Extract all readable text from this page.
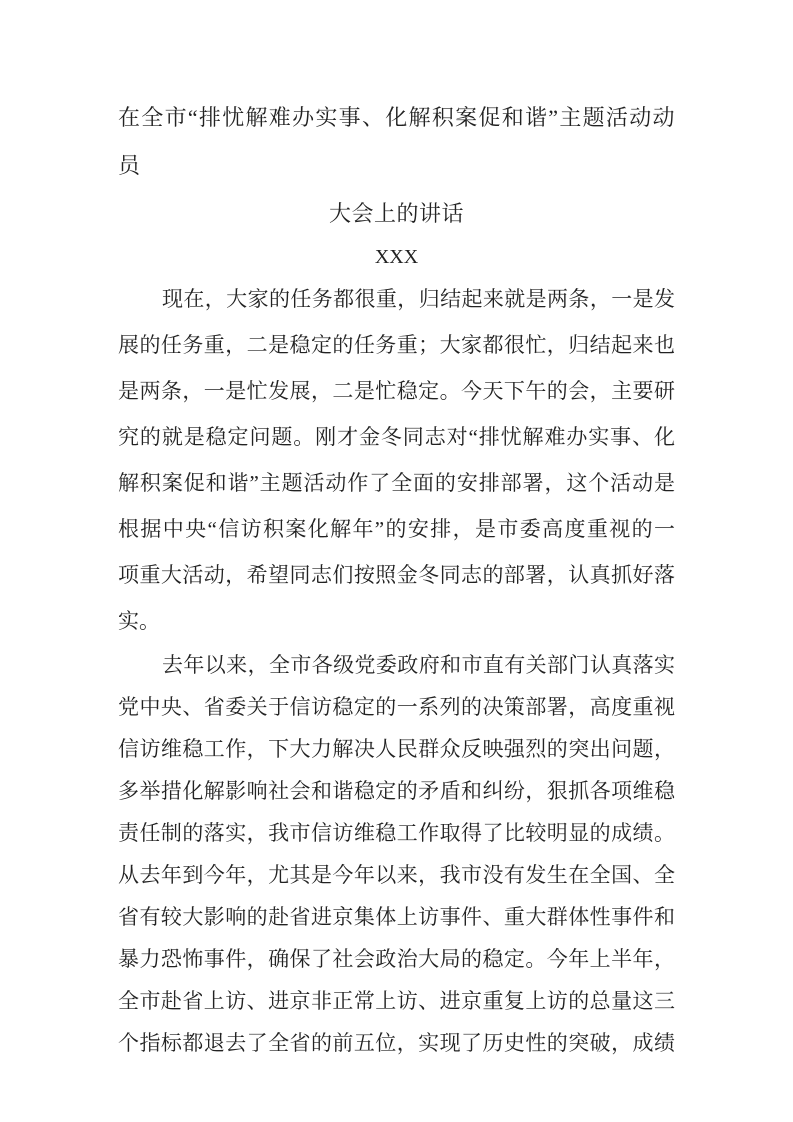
在全市“排忧解难办实事、化解积案促和谐”主题活动动员
大会上的讲话
XXX
现在，大家的任务都很重，归结起来就是两条，一是发
展的任务重，二是稳定的任务重；大家都很忙，归结起来也
是两条，一是忙发展，二是忙稳定。今天下午的会，主要研
究的就是稳定问题。刚才金冬同志对“排忧解难办实事、化
解积案促和谐”主题活动作了全面的安排部署，这个活动是
根据中央“信访积案化解年”的安排，是市委高度重视的一
项重大活动，希望同志们按照金冬同志的部署，认真抓好落
实。
去年以来，全市各级党委政府和市直有关部门认真落实
党中央、省委关于信访稳定的一系列的决策部署，高度重视
信访维稳工作，下大力解决人民群众反映强烈的突出问题，
多举措化解影响社会和谐稳定的矛盾和纠纷，狠抓各项维稳
责任制的落实，我市信访维稳工作取得了比较明显的成绩。
从去年到今年，尤其是今年以来，我市没有发生在全国、全
省有较大影响的赴省进京集体上访事件、重大群体性事件和
暴力恐怖事件，确保了社会政治大局的稳定。今年上半年，
全市赴省上访、进京非正常上访、进京重复上访的总量这三
个指标都退去了全省的前五位，实现了历史性的突破，成绩
